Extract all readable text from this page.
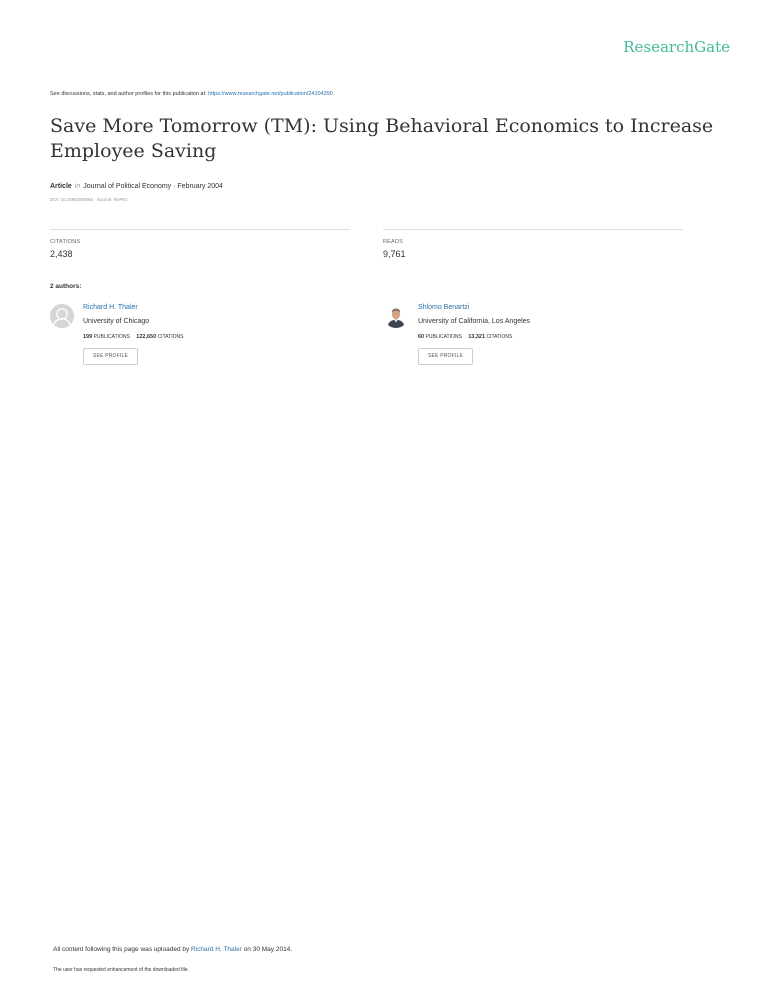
ResearchGate
See discussions, stats, and author profiles for this publication at: https://www.researchgate.net/publication/24104390
Save More Tomorrow (TM): Using Behavioral Economics to Increase Employee Saving
Article in Journal of Political Economy · February 2004
DOI: 10.1086/380085 · Source: RePEc
CITATIONS
2,438
READS
9,761
2 authors:
Richard H. Thaler
University of Chicago
199 PUBLICATIONS 122,650 CITATIONS
SEE PROFILE
Shlomo Benartzi
University of California, Los Angeles
60 PUBLICATIONS 13,321 CITATIONS
SEE PROFILE
All content following this page was uploaded by Richard H. Thaler on 30 May 2014.
The user has requested enhancement of the downloaded file.
